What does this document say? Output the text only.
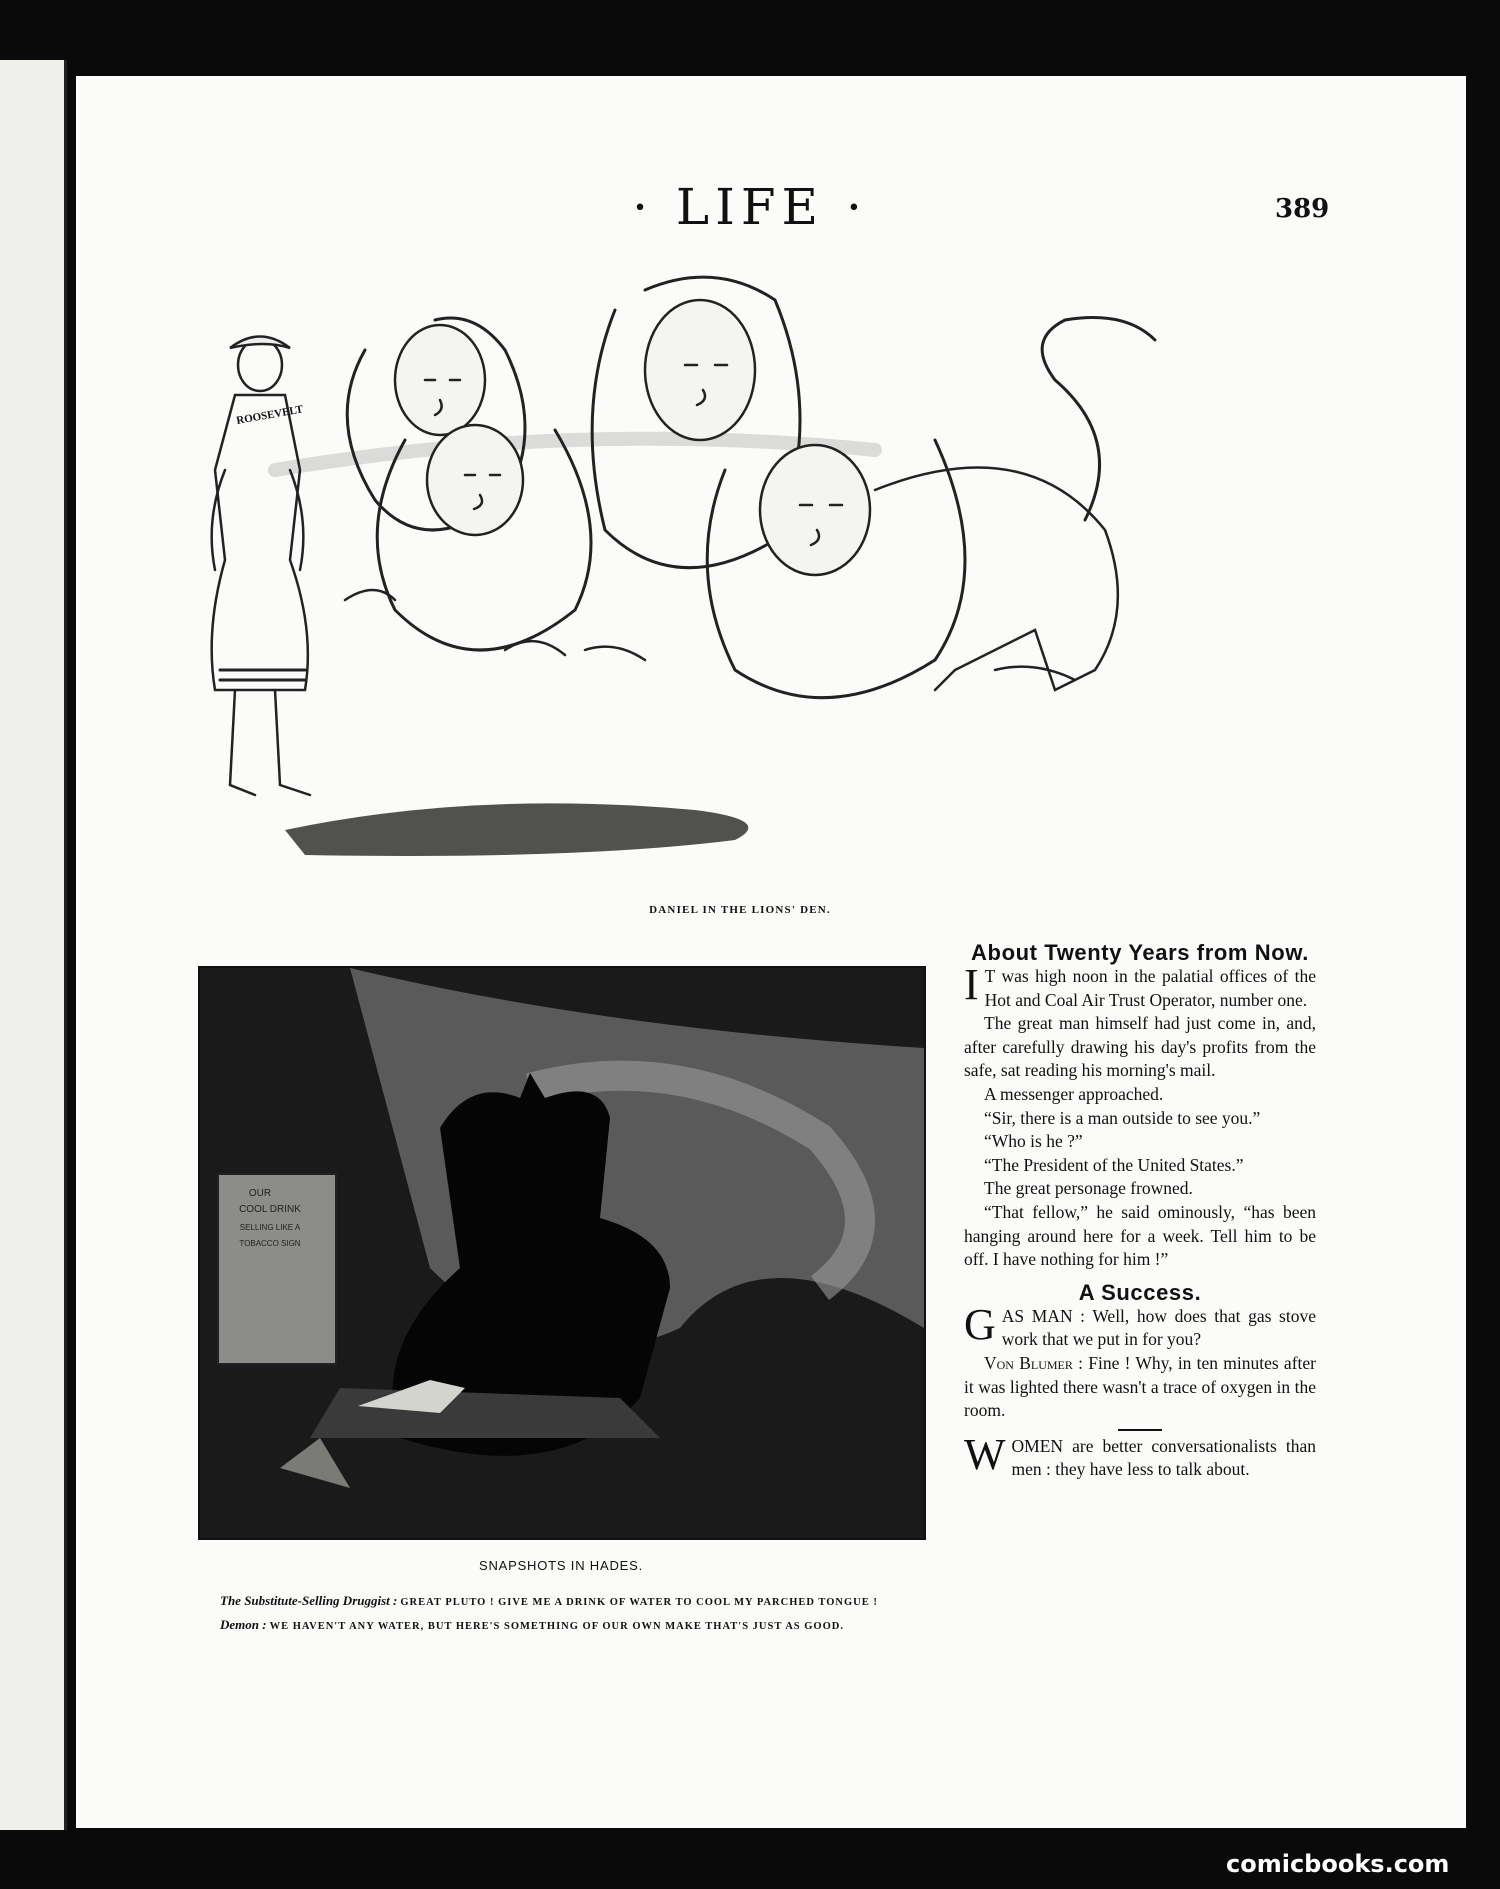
· LIFE ·	389
ROOSEVELT
DANIEL IN THE LIONS' DEN.
OUR
COOL DRINK
SELLING LIKE A
TOBACCO SIGN
SNAPSHOTS IN HADES.

The Substitute-Selling Druggist : GREAT PLUTO ! GIVE ME A DRINK OF WATER TO COOL MY PARCHED TONGUE !

Demon : WE HAVEN'T ANY WATER, BUT HERE'S SOMETHING OF OUR OWN MAKE THAT'S JUST AS GOOD.

About Twenty Years from Now.

I T was high noon in the palatial offices of the Hot and Coal Air Trust Operator, number one.

The great man himself had just come in, and, after carefully drawing his day's profits from the safe, sat reading his morning's mail.

A messenger approached.

“Sir, there is a man outside to see you.”

“Who is he ?”

“The President of the United States.”

The great personage frowned.

“That fellow,” he said ominously, “has been hanging around here for a week. Tell him to be off. I have nothing for him !”

A Success.

GAS MAN : Well, how does that gas stove work that we put in for you?

Von Blumer : Fine ! Why, in ten minutes after it was lighted there wasn't a trace of oxygen in the room.

WOMEN are better conversationalists than men : they have less to talk about.

comicbooks.com
